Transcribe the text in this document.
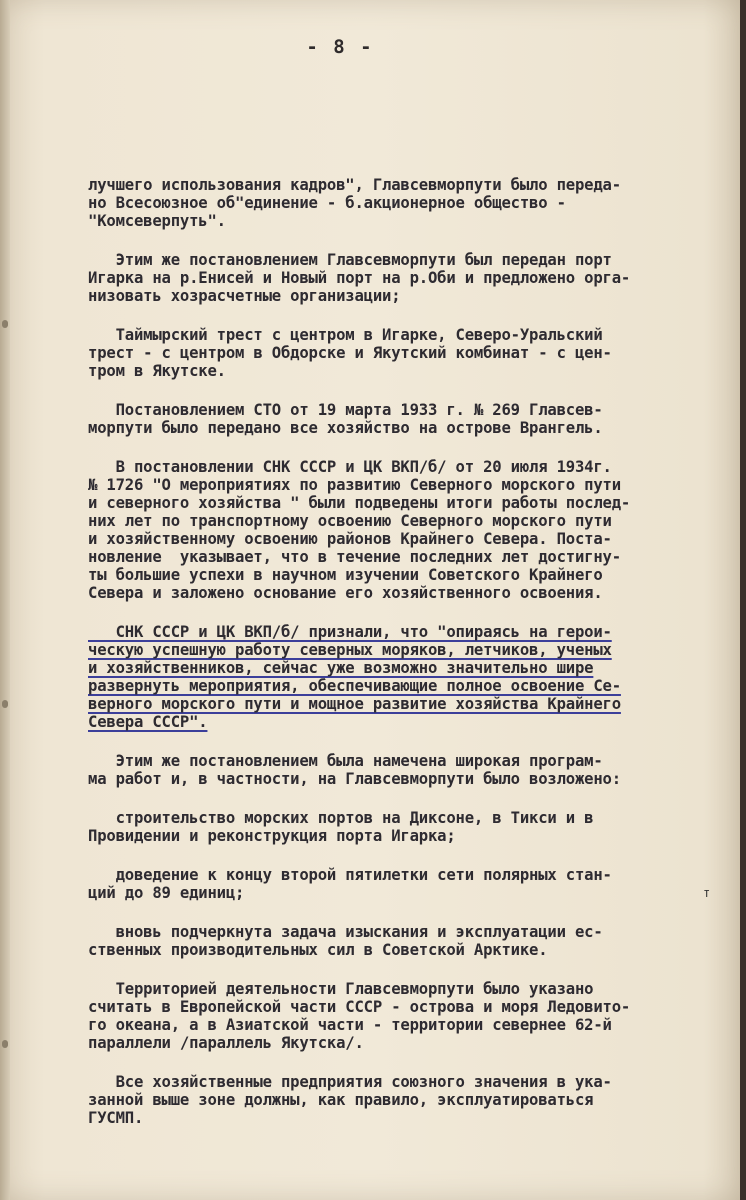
- 8 -
лучшего использования кадров", Главсевморпути было переда-
но Всесоюзное об"единение - б.акционерное общество -
"Комсеверпуть".
Этим же постановлением Главсевморпути был передан порт
Игарка на р.Енисей и Новый порт на р.Оби и предложено орга-
низовать хозрасчетные организации;
Таймырский трест с центром в Игарке, Северо-Уральский
трест - с центром в Обдорске и Якутский комбинат - с цен-
тром в Якутске.
Постановлением СТО от 19 марта 1933 г. № 269 Главсев-
морпути было передано все хозяйство на острове Врангель.
В постановлении СНК СССР и ЦК ВКП/б/ от 20 июля 1934г.
№ 1726 "О мероприятиях по развитию Северного морского пути
и северного хозяйства " были подведены итоги работы послед-
них лет по транспортному освоению Северного морского пути
и хозяйственному освоению районов Крайнего Севера. Поста-
новление  указывает, что в течение последних лет достигну-
ты большие успехи в научном изучении Советского Крайнего
Севера и заложено основание его хозяйственного освоения.
СНК СССР и ЦК ВКП/б/ признали, что "опираясь на герои-
ческую успешную работу северных моряков, летчиков, ученых
и хозяйственников, сейчас уже возможно значительно шире
развернуть мероприятия, обеспечивающие полное освоение Се-
верного морского пути и мощное развитие хозяйства Крайнего
Севера СССР".
Этим же постановлением была намечена широкая програм-
ма работ и, в частности, на Главсевморпути было возложено:
строительство морских портов на Диксоне, в Тикси и в
Провидении и реконструкция порта Игарка;
доведение к концу второй пятилетки сети полярных стан-
ций до 89 единиц;
вновь подчеркнута задача изыскания и эксплуатации ес-
ственных производительных сил в Советской Арктике.
Территорией деятельности Главсевморпути было указано
считать в Европейской части СССР - острова и моря Ледовито-
го океана, а в Азиатской части - территории севернее 62-й
параллели /параллель Якутска/.
Все хозяйственные предприятия союзного значения в ука-
занной выше зоне должны, как правило, эксплуатироваться
ГУСМП.
т
